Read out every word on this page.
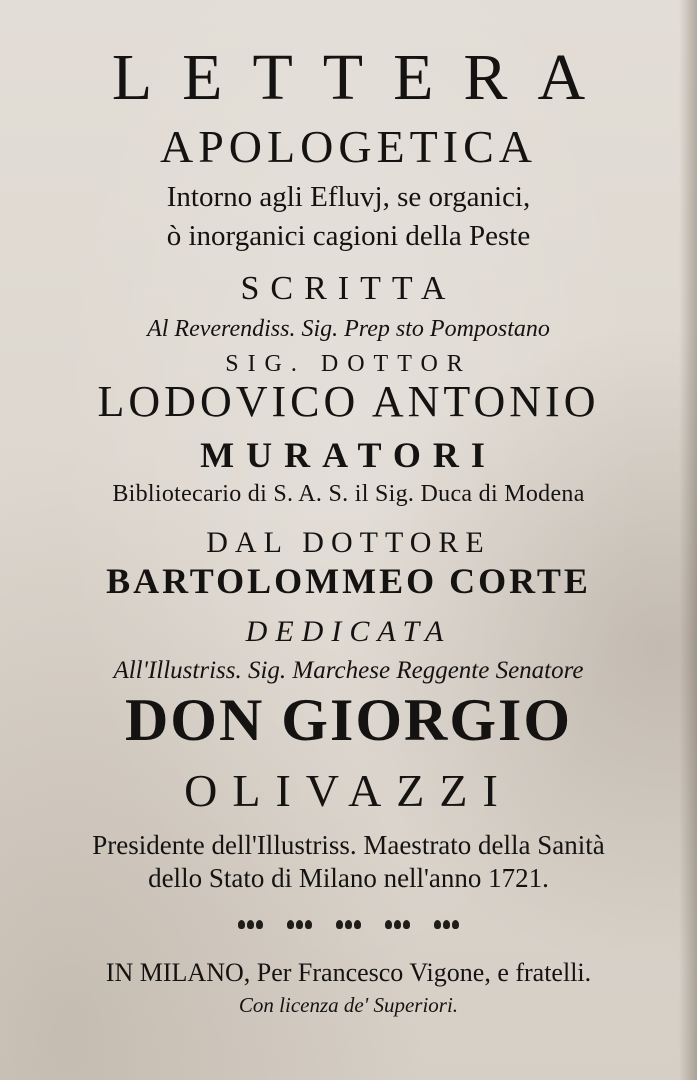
LETTERA
APOLOGETICA
Intorno agli Efluvj, se organici,
ò inorganici cagioni della Peste
SCRITTA
Al Reverendiss. Sig. Prep sto Pompostano
SIG. DOTTOR
LODOVICO ANTONIO
MURATORI
Bibliotecario di S. A. S. il Sig. Duca di Modena
DAL DOTTORE
BARTOLOMMEO CORTE
DEDICATA
All'Illustriss. Sig. Marchese Reggente Senatore
DON GIORGIO
OLIVAZZI
Presidente dell'Illustriss. Maestrato della Sanità
dello Stato di Milano nell'anno 1721.
IN MILANO, Per Francesco Vigone, e fratelli.
Con licenza de' Superiori.
